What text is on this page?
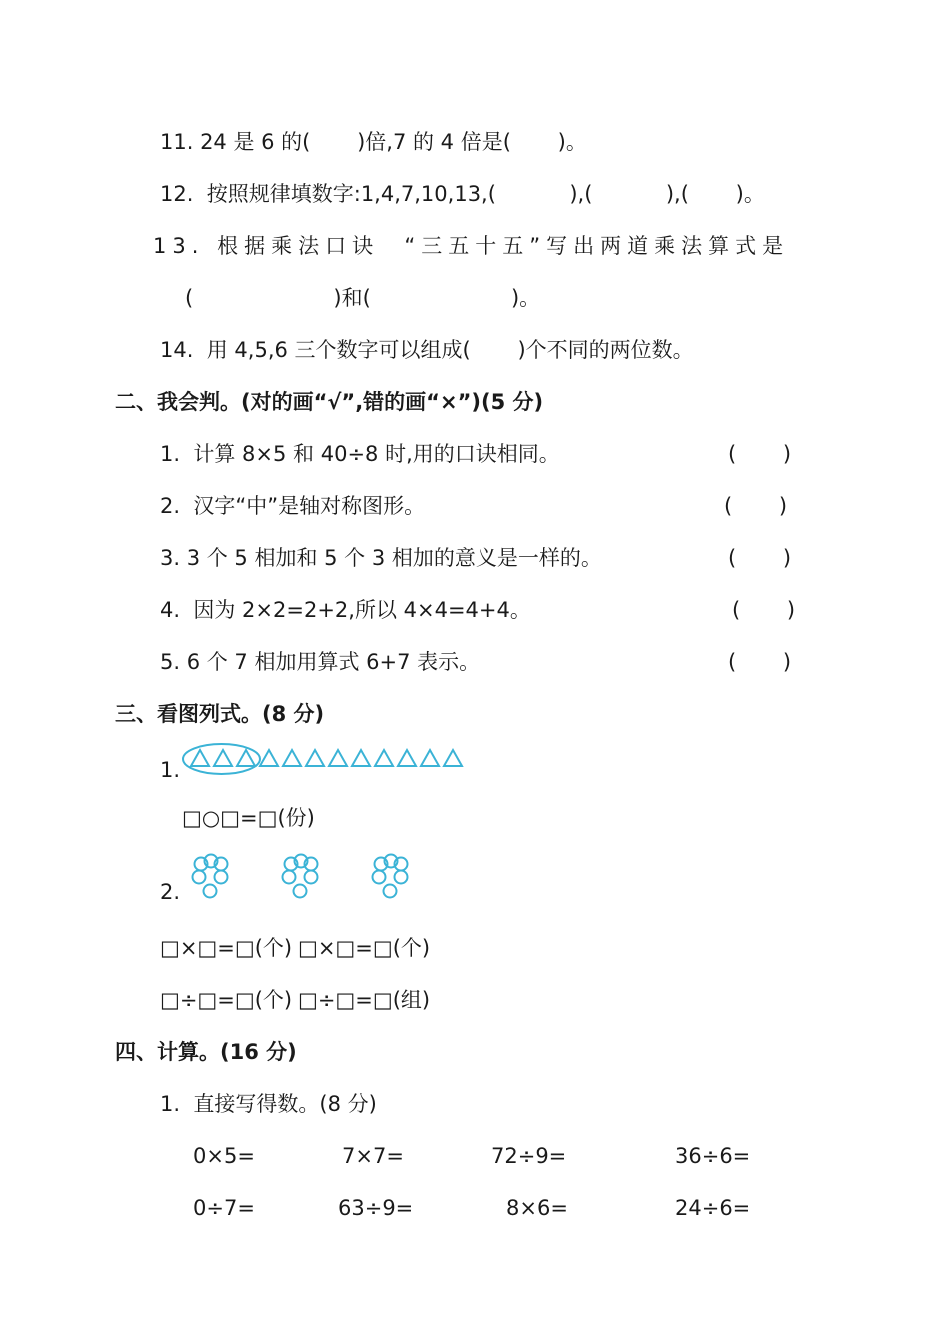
11. 24 是 6 的(       )倍,7 的 4 倍是(       )。
12.  按照规律填数字:1,4,7,10,13,(           ),(           ),(       )。
13. 根据乘法口诀  “三五十五”写出两道乘法算式是
(                     )和(                     )。
14.  用 4,5,6 三个数字可以组成(       )个不同的两位数。
二、我会判。(对的画“√”,错的画“×”)(5 分)
1.  计算 8×5 和 40÷8 时,用的口诀相同。	(       )
2.  汉字“中”是轴对称图形。	(       )
3. 3 个 5 相加和 5 个 3 相加的意义是一样的。	(       )
4.  因为 2×2=2+2,所以 4×4=4+4。	(       )
5. 6 个 7 相加用算式 6+7 表示。	(       )
三、看图列式。(8 分)
1.
□○□=□(份)
2.
□×□=□(个) □×□=□(个)
□÷□=□(个) □÷□=□(组)
四、计算。(16 分)
1.  直接写得数。(8 分)
0×5=	7×7=	72÷9=	36÷6=
0÷7=	63÷9=	8×6=	24÷6=
